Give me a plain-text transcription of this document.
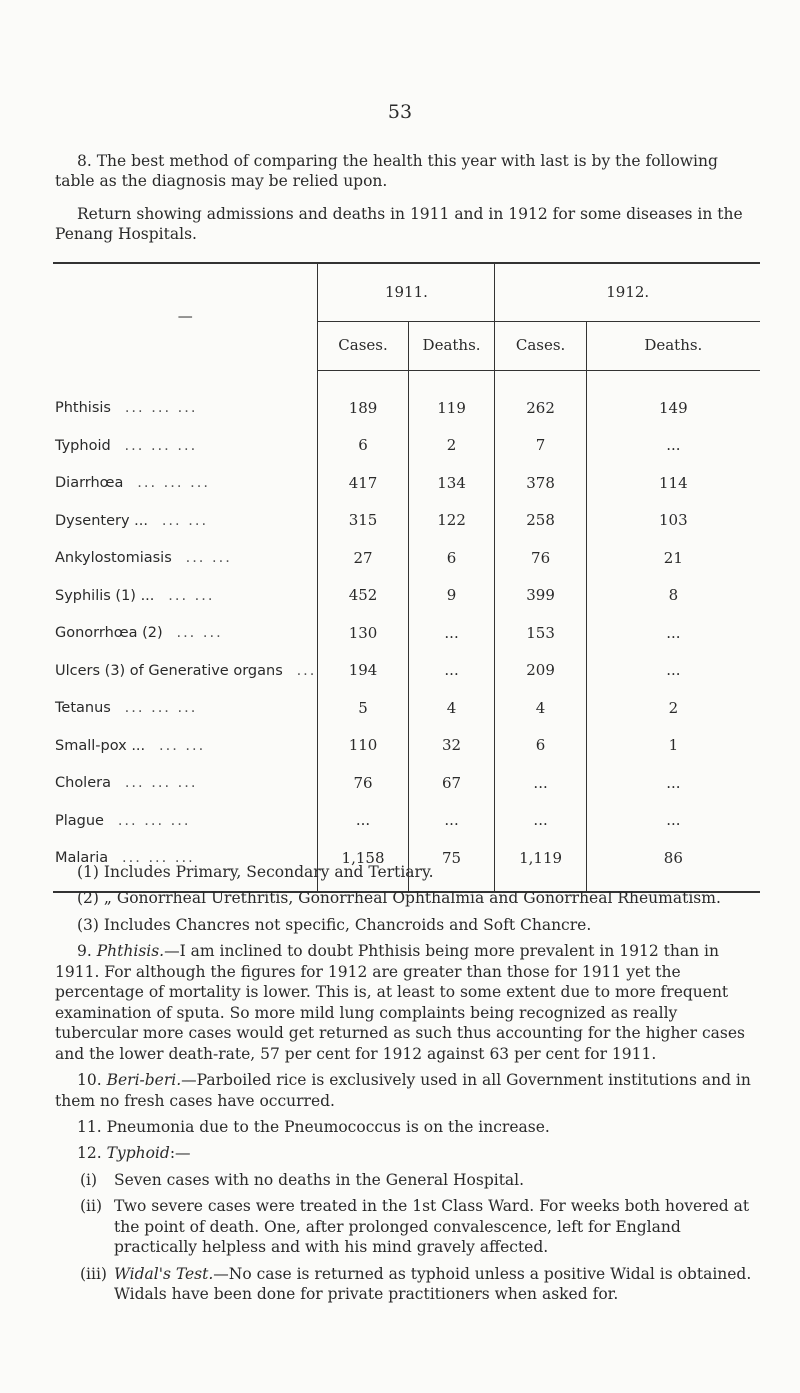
53

8. The best method of comparing the health this year with last is by the following table as the diagnosis may be relied upon.

Return showing admissions and deaths in 1911 and in 1912 for some diseases in the Penang Hospitals.

—	1911.		1912.	
	Cases.	Deaths.	Cases.	Deaths.
Phthisis ... ... ...	189	119	262	149
Typhoid ... ... ...	6	2	7	...
Diarrhœa ... ... ...	417	134	378	114
Dysentery ... ... ...	315	122	258	103
Ankylostomiasis ... ...	27	6	76	21
Syphilis (1) ... ... ...	452	9	399	8
Gonorrhœa (2) ... ...	130	...	153	...
Ulcers (3) of Generative organs ...	194	...	209	...
Tetanus ... ... ...	5	4	4	2
Small-pox ... ... ...	110	32	6	1
Cholera ... ... ...	76	67	...	...
Plague ... ... ...	...	...	...	...
Malaria ... ... ...	1,158	75	1,119	86

(1) Includes Primary, Secondary and Tertiary.

(2) „ Gonorrheal Urethritis, Gonorrheal Ophthalmia and Gonorrheal Rheumatism.

(3) Includes Chancres not specific, Chancroids and Soft Chancre.

9. Phthisis.—I am inclined to doubt Phthisis being more prevalent in 1912 than in 1911. For although the figures for 1912 are greater than those for 1911 yet the percentage of mortality is lower. This is, at least to some extent due to more frequent examination of sputa. So more mild lung complaints being recognized as really tubercular more cases would get returned as such thus accounting for the higher cases and the lower death-rate, 57 per cent for 1912 against 63 per cent for 1911.

10. Beri-beri.—Parboiled rice is exclusively used in all Government institutions and in them no fresh cases have occurred.

11. Pneumonia due to the Pneumococcus is on the increase.

12. Typhoid:—

(i)	Seven cases with no deaths in the General Hospital.
(ii) Two severe cases were treated in the 1st Class Ward. For weeks both hovered at the point of death. One, after prolonged convalescence, left for England practically helpless and with his mind gravely affected.
(iii) Widal's Test.—No case is returned as typhoid unless a positive Widal is obtained. Widals have been done for private practitioners when asked for.
